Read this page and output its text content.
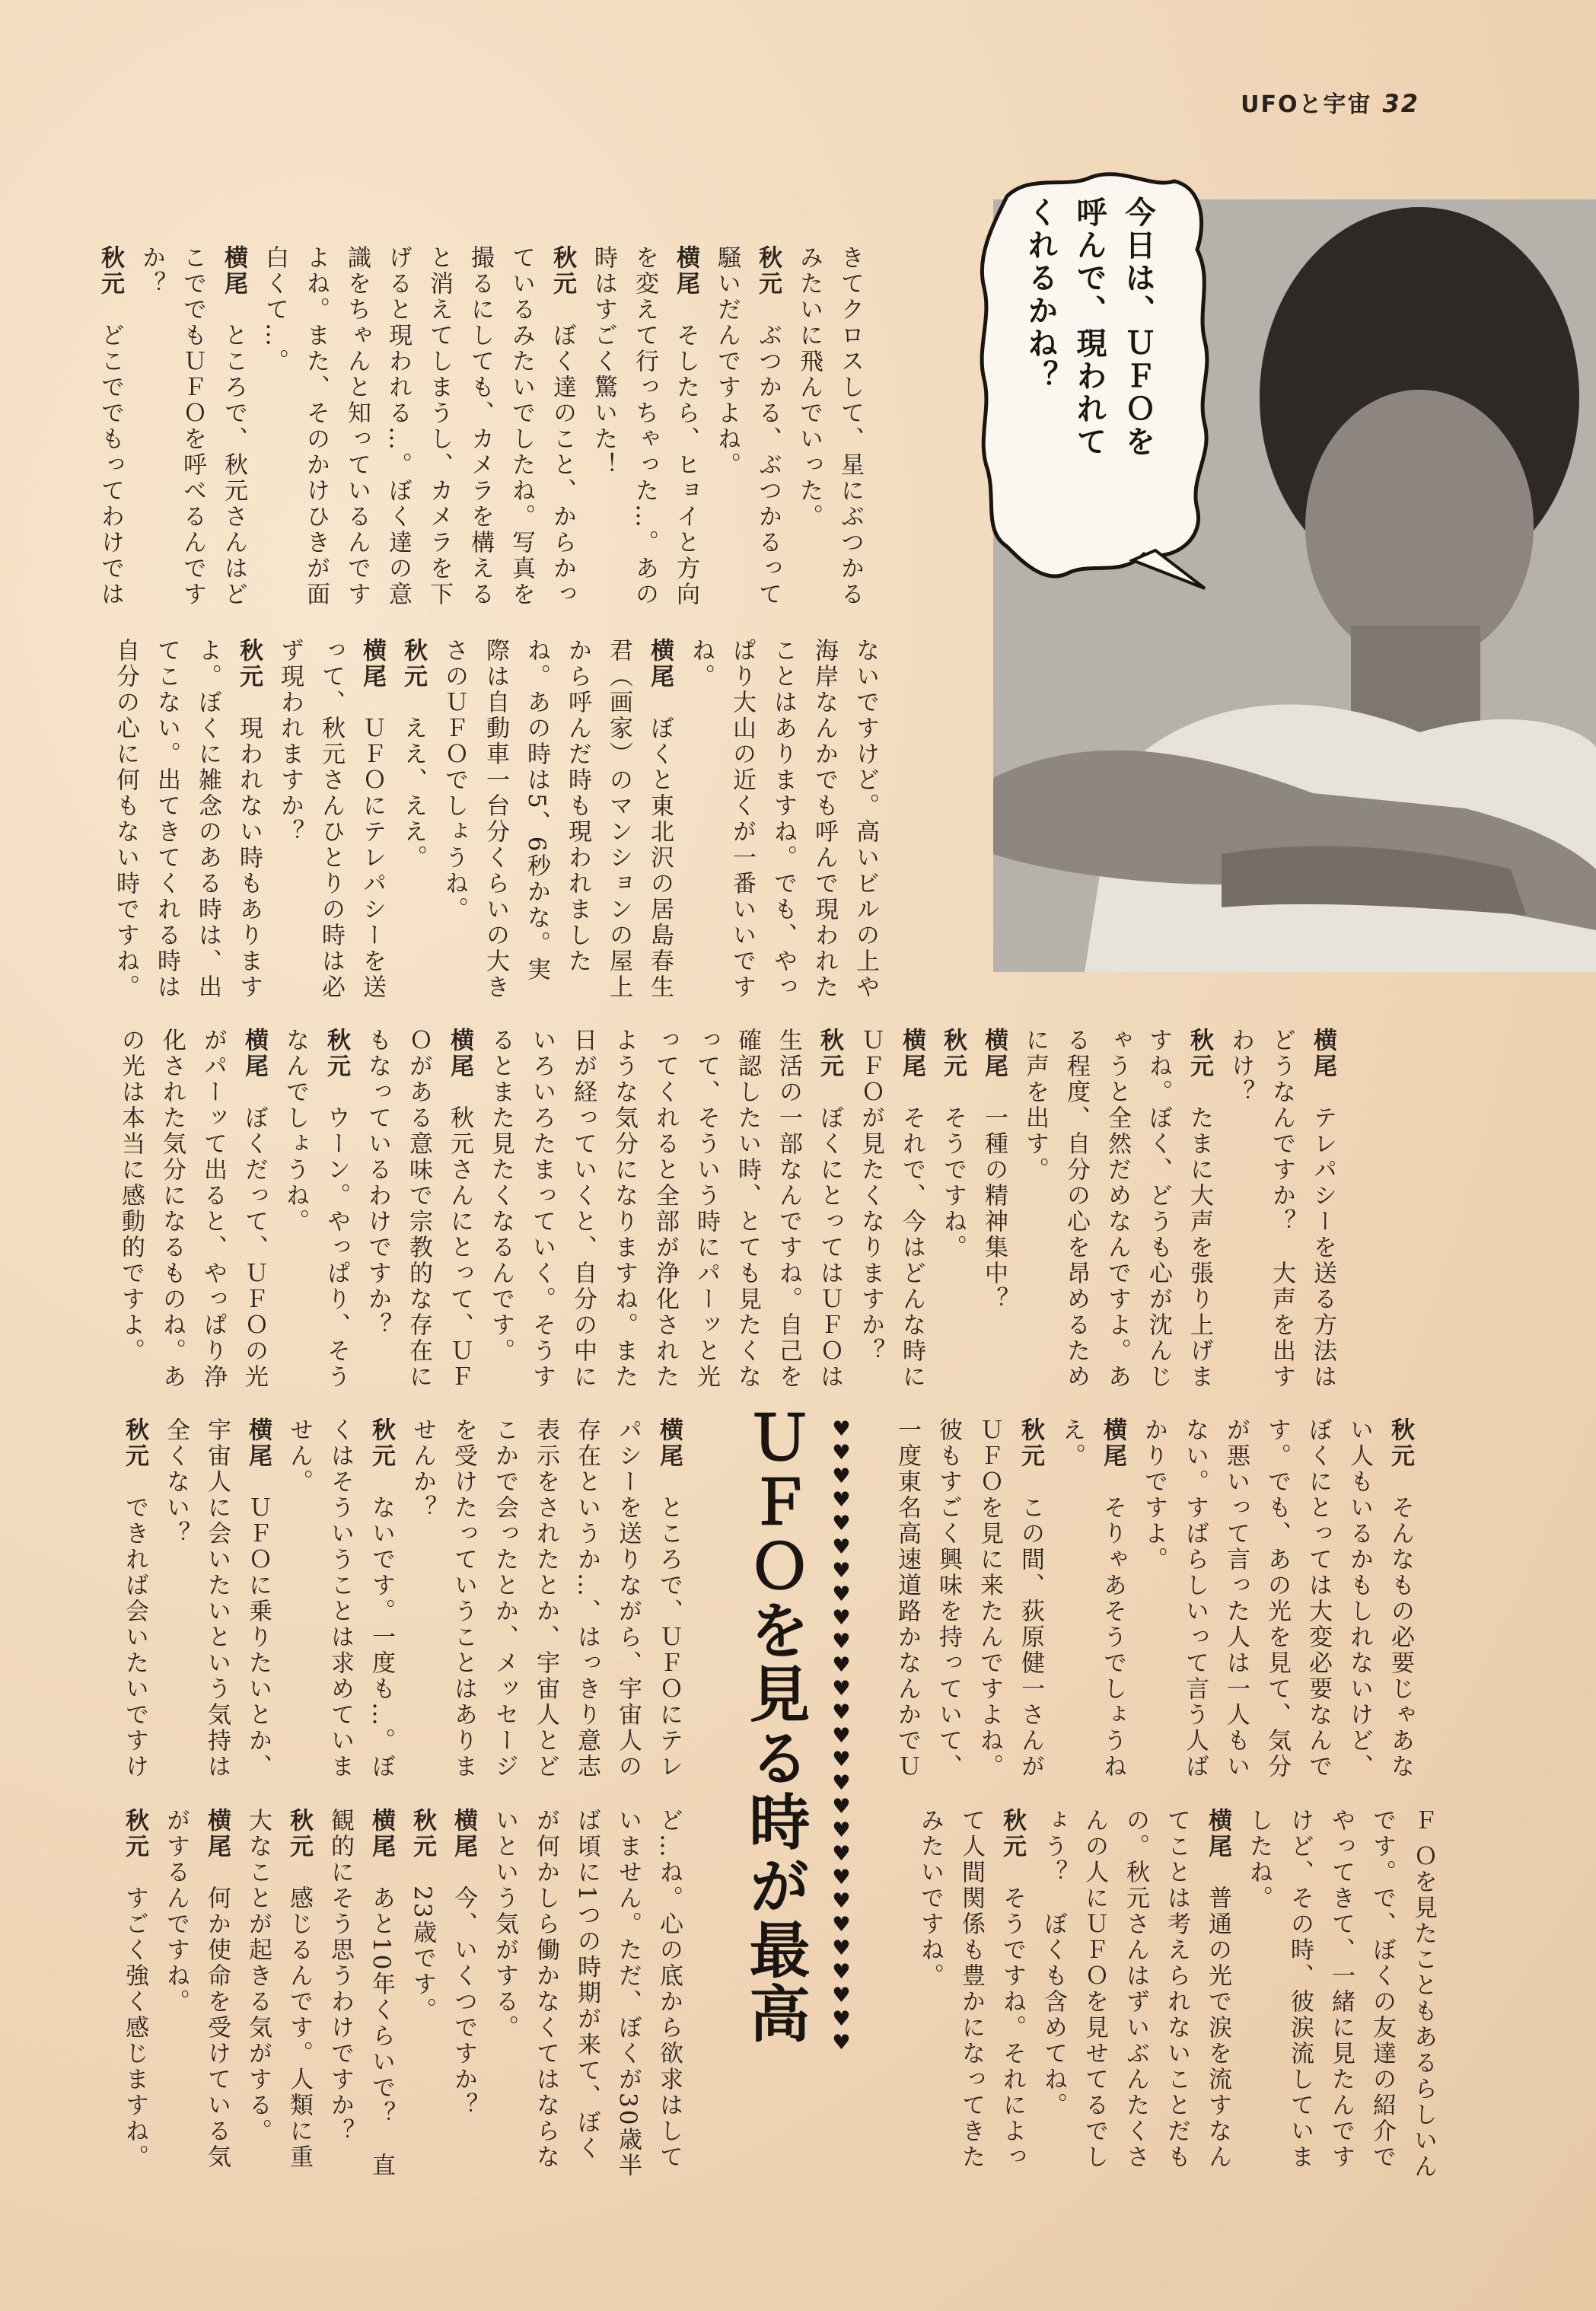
UFOと宇宙 32
今日は、ＵＦＯを
呼んで、現われて
くれるかね？
♥♥♥♥♥♥♥♥♥♥♥♥♥♥♥♥♥♥♥♥♥♥♥♥♥♥♥
ＵＦＯを見る時が最高

きてクロスして、星にぶつかる
みたいに飛んでいった。
秋元　ぶつかる、ぶつかるって
騒いだんですよね。
横尾　そしたら、ヒョイと方向
を変えて行っちゃった…。あの
時はすごく驚いた！
秋元　ぼく達のこと、からかっ
ているみたいでしたね。写真を
撮るにしても、カメラを構える
と消えてしまうし、カメラを下
げると現われる…。ぼく達の意
識をちゃんと知っているんです
よね。また、そのかけひきが面
白くて…。
横尾　ところで、秋元さんはど
こででもＵＦＯを呼べるんです
か？
秋元　どこででもってわけでは

ないですけど。高いビルの上や
海岸なんかでも呼んで現われた
ことはありますね。でも、やっ
ぱり大山の近くが一番いいです
ね。
横尾　ぼくと東北沢の居島春生
君（画家）のマンションの屋上
から呼んだ時も現われました
ね。あの時は5、6秒かな。実
際は自動車一台分くらいの大き
さのＵＦＯでしょうね。
秋元　ええ、ええ。
横尾　ＵＦＯにテレパシーを送
って、秋元さんひとりの時は必
ず現われますか？
秋元　現われない時もあります
よ。ぼくに雑念のある時は、出
てこない。出てきてくれる時は
自分の心に何もない時ですね。

横尾　テレパシーを送る方法は
どうなんですか？　大声を出す
わけ？
秋元　たまに大声を張り上げま
すね。ぼく、どうも心が沈んじ
ゃうと全然だめなんですよ。あ
る程度、自分の心を昂めるため
に声を出す。
横尾　一種の精神集中？
秋元　そうですね。
横尾　それで、今はどんな時に
ＵＦＯが見たくなりますか？
秋元　ぼくにとってはＵＦＯは
生活の一部なんですね。自己を
確認したい時、とても見たくな
って、そういう時にパーッと光
ってくれると全部が浄化された
ような気分になりますね。また
日が経っていくと、自分の中に
いろいろたまっていく。そうす
るとまた見たくなるんです。
横尾　秋元さんにとって、ＵＦ
Ｏがある意味で宗教的な存在に
もなっているわけですか？
秋元　ウーン。やっぱり、そう
なんでしょうね。
横尾　ぼくだって、ＵＦＯの光
がパーッて出ると、やっぱり浄
化された気分になるものね。あ
の光は本当に感動的ですよ。

秋元　そんなもの必要じゃあな
い人もいるかもしれないけど、
ぼくにとっては大変必要なんで
す。でも、あの光を見て、気分
が悪いって言った人は一人もい
ない。すばらしいって言う人ば
かりですよ。
横尾　そりゃあそうでしょうね
え。
秋元　この間、荻原健一さんが
ＵＦＯを見に来たんですよね。
彼もすごく興味を持っていて、
一度東名高速道路かなんかでＵ

Ｆ Ｏを見たこともあるらしいん
です。で、ぼくの友達の紹介で
やってきて、一緒に見たんです
けど、その時、彼涙流していま
したね。
横尾　普通の光で涙を流すなん
てことは考えられないことだも
の。秋元さんはずいぶんたくさ
んの人にＵＦＯを見せてるでし
ょう？　ぼくも含めてね。
秋元　そうですね。それによっ
て人間関係も豊かになってきた
みたいですね。

横尾　ところで、ＵＦＯにテレ
パシーを送りながら、宇宙人の
存在というか…、はっきり意志
表示をされたとか、宇宙人とど
こかで会ったとか、メッセージ
を受けたっていうことはありま
せんか？
秋元　ないです。一度も…。ぼ
くはそういうことは求めていま
せん。
横尾　ＵＦＯに乗りたいとか、
宇宙人に会いたいという気持は
全くない？
秋元　できれば会いたいですけ

ど…ね。心の底から欲求はして
いません。ただ、ぼくが30歳半
ば頃に1つの時期が来て、ぼく
が何かしら働かなくてはならな
いという気がする。
横尾　今、いくつですか？
秋元　23歳です。
横尾　あと10年くらいで？　直
観的にそう思うわけですか？
秋元　感じるんです。人類に重
大なことが起きる気がする。
横尾　何か使命を受けている気
がするんですね。
秋元　すごく強く感じますね。
